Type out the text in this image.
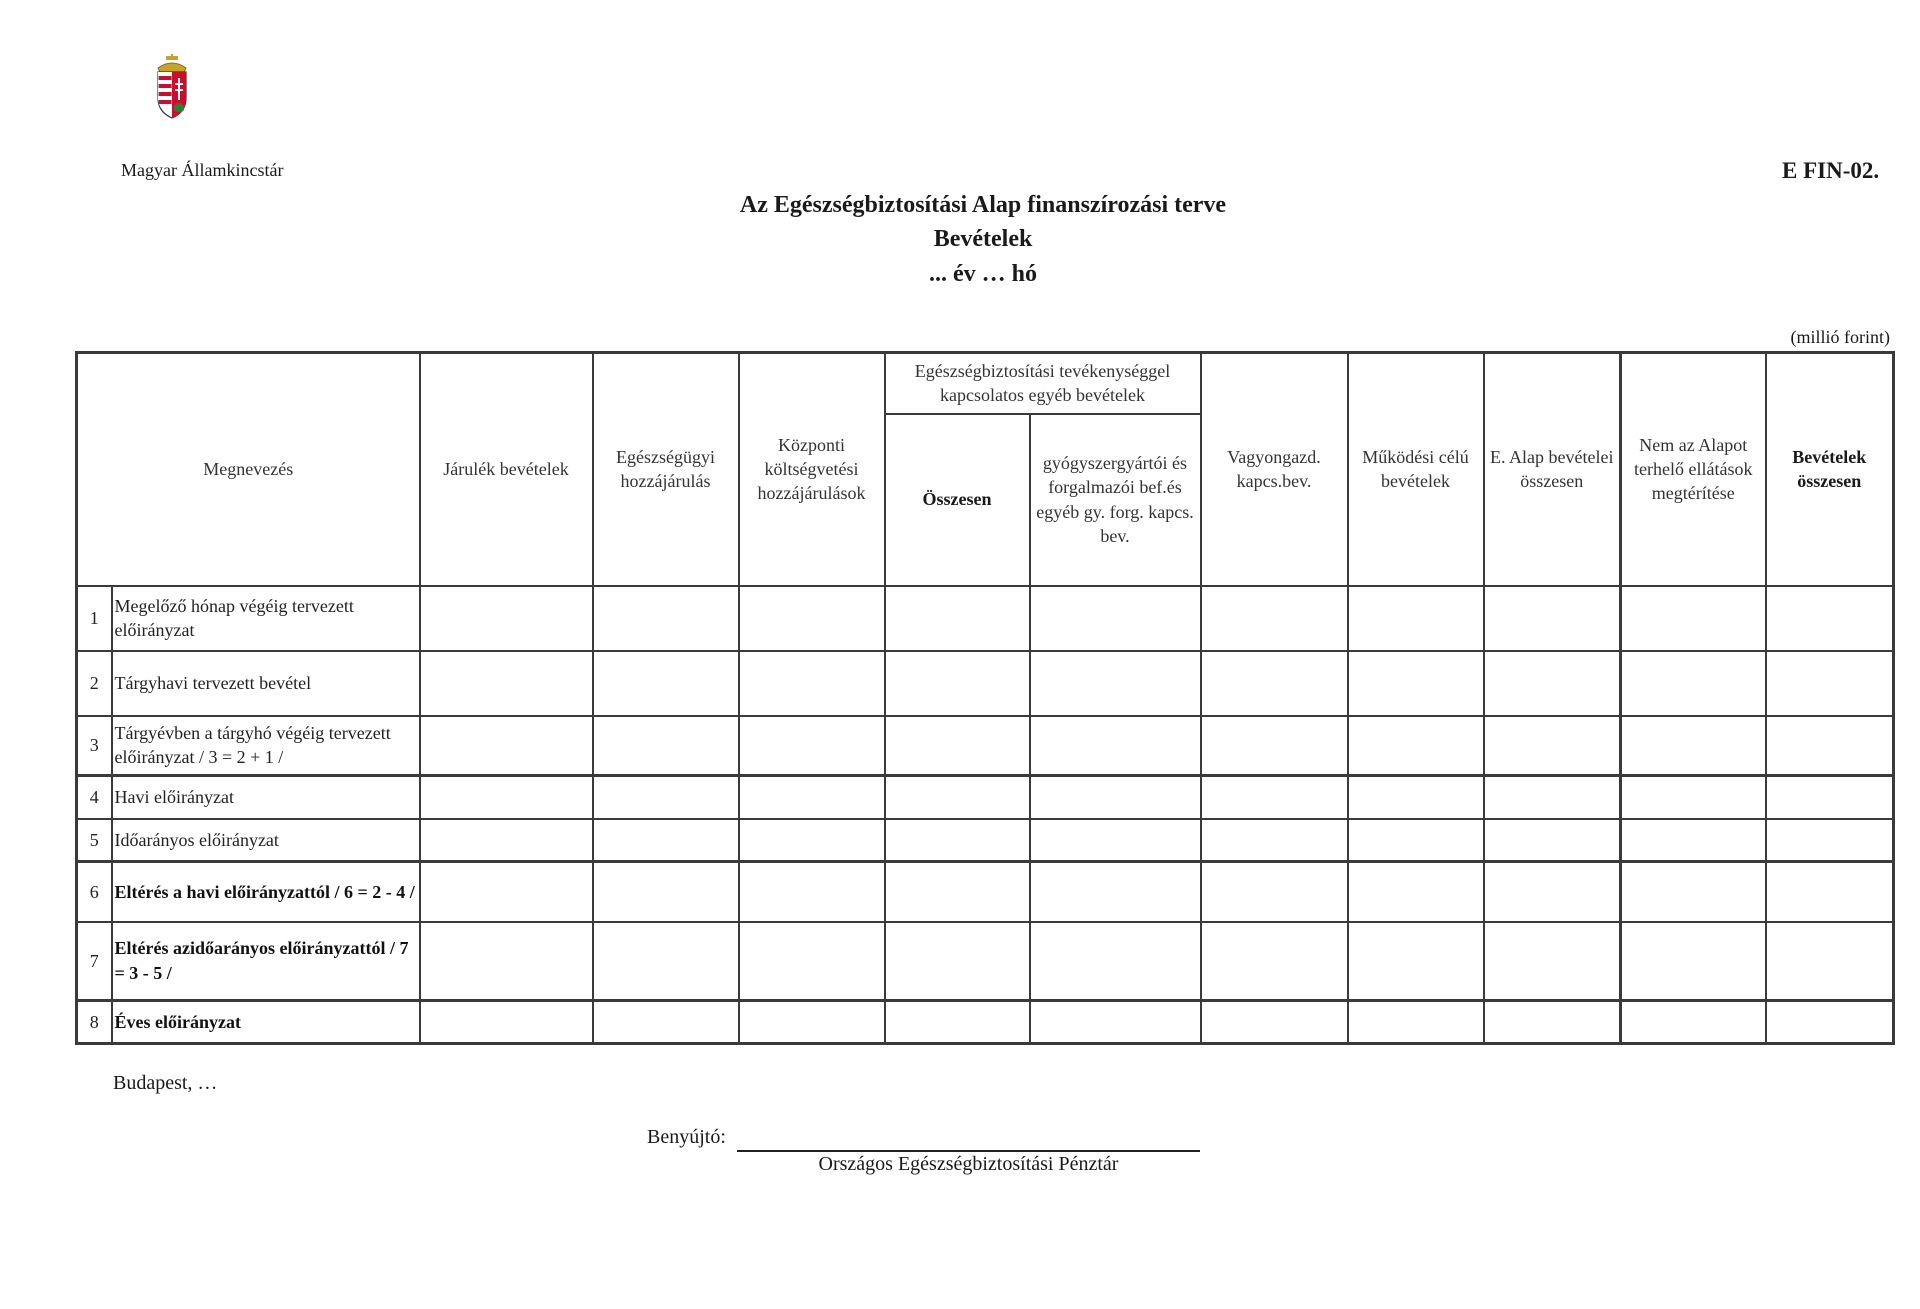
Magyar Államkincstár	E FIN-02.
Az Egészségbiztosítási Alap finanszírozási terve
Bevételek
... év … hó
(millió forint)
Megnevezés		Járulék bevételek	Egészségügyi hozzájárulás	Központi költségvetési hozzájárulások	Egészségbiztosítási tevékenységgel kapcsolatos egyéb bevételek		Vagyongazd. kapcs.bev.	Működési célú bevételek	E. Alap bevételei összesen	Nem az Alapot terhelő ellátások megtérítése	Bevételek összesen
					Összesen	gyógyszergyártói és forgalmazói bef.és egyéb gy. forg. kapcs. bev.					
1	Megelőző hónap végéig tervezett előirányzat										
2	Tárgyhavi tervezett bevétel										
3	Tárgyévben a tárgyhó végéig tervezett előirányzat / 3 = 2 + 1 /										
4	Havi előirányzat										
5	Időarányos előirányzat										
6	Eltérés a havi előirányzattól / 6 = 2 - 4 /										
7	Eltérés azidőarányos előirányzattól / 7 = 3 - 5 /										
8	Éves előirányzat										
Budapest, …
Benyújtó:
Országos Egészségbiztosítási Pénztár
